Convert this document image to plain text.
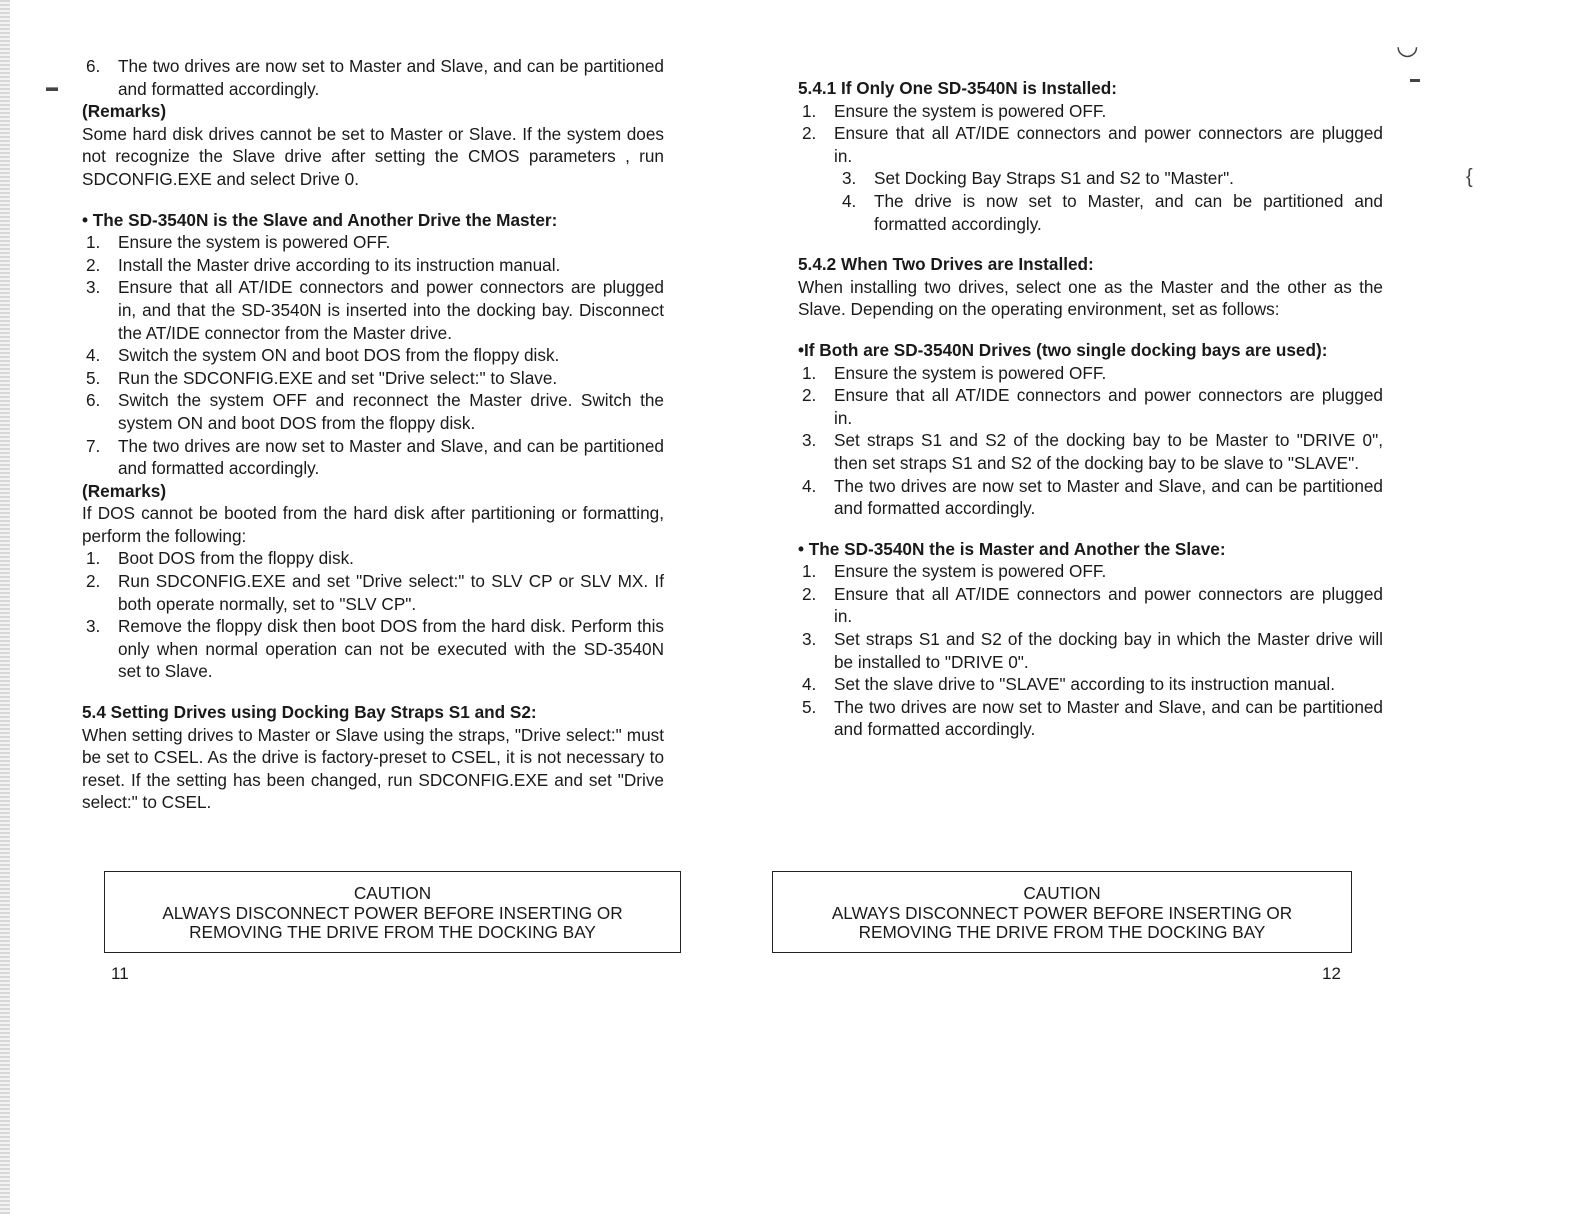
6. The two drives are now set to Master and Slave, and can be partitioned and formatted accordingly.

(Remarks)

Some hard disk drives cannot be set to Master or Slave. If the system does not recognize the Slave drive after setting the CMOS parameters , run SDCONFIG.EXE and select Drive 0.

• The SD-3540N is the Slave and Another Drive the Master:

1. Ensure the system is powered OFF.
2. Install the Master drive according to its instruction manual.
3. Ensure that all AT/IDE connectors and power connectors are plugged in, and that the SD-3540N is inserted into the docking bay. Disconnect the AT/IDE connector from the Master drive.
4. Switch the system ON and boot DOS from the floppy disk.
5. Run the SDCONFIG.EXE and set "Drive select:" to Slave.
6. Switch the system OFF and reconnect the Master drive. Switch the system ON and boot DOS from the floppy disk.
7. The two drives are now set to Master and Slave, and can be partitioned and formatted accordingly.

(Remarks)

If DOS cannot be booted from the hard disk after partitioning or formatting, perform the following:

1. Boot DOS from the floppy disk.
2. Run SDCONFIG.EXE and set "Drive select:" to SLV CP or SLV MX. If both operate normally, set to "SLV CP".
3. Remove the floppy disk then boot DOS from the hard disk. Perform this only when normal operation can not be executed with the SD-3540N set to Slave.

5.4 Setting Drives using Docking Bay Straps S1 and S2:

When setting drives to Master or Slave using the straps, "Drive select:" must be set to CSEL. As the drive is factory-preset to CSEL, it is not necessary to reset. If the setting has been changed, run SDCONFIG.EXE and set "Drive select:" to CSEL.

CAUTION
ALWAYS DISCONNECT POWER BEFORE INSERTING OR
REMOVING THE DRIVE FROM THE DOCKING BAY
11

5.4.1 If Only One SD-3540N is Installed:

1. Ensure the system is powered OFF.
2. Ensure that all AT/IDE connectors and power connectors are plugged in.
3. Set Docking Bay Straps S1 and S2 to "Master".
4. The drive is now set to Master, and can be partitioned and formatted accordingly.

5.4.2 When Two Drives are Installed:

When installing two drives, select one as the Master and the other as the Slave. Depending on the operating environment, set as follows:

•If Both are SD-3540N Drives (two single docking bays are used):

1. Ensure the system is powered OFF.
2. Ensure that all AT/IDE connectors and power connectors are plugged in.
3. Set straps S1 and S2 of the docking bay to be Master to "DRIVE 0", then set straps S1 and S2 of the docking bay to be slave to "SLAVE".
4. The two drives are now set to Master and Slave, and can be partitioned and formatted accordingly.

• The SD-3540N the is Master and Another the Slave:

1. Ensure the system is powered OFF.
2. Ensure that all AT/IDE connectors and power connectors are plugged in.
3. Set straps S1 and S2 of the docking bay in which the Master drive will be installed to "DRIVE 0".
4. Set the slave drive to "SLAVE" according to its instruction manual.
5. The two drives are now set to Master and Slave, and can be partitioned and formatted accordingly.
CAUTION
ALWAYS DISCONNECT POWER BEFORE INSERTING OR
REMOVING THE DRIVE FROM THE DOCKING BAY
12
▬
◡
▬
{
